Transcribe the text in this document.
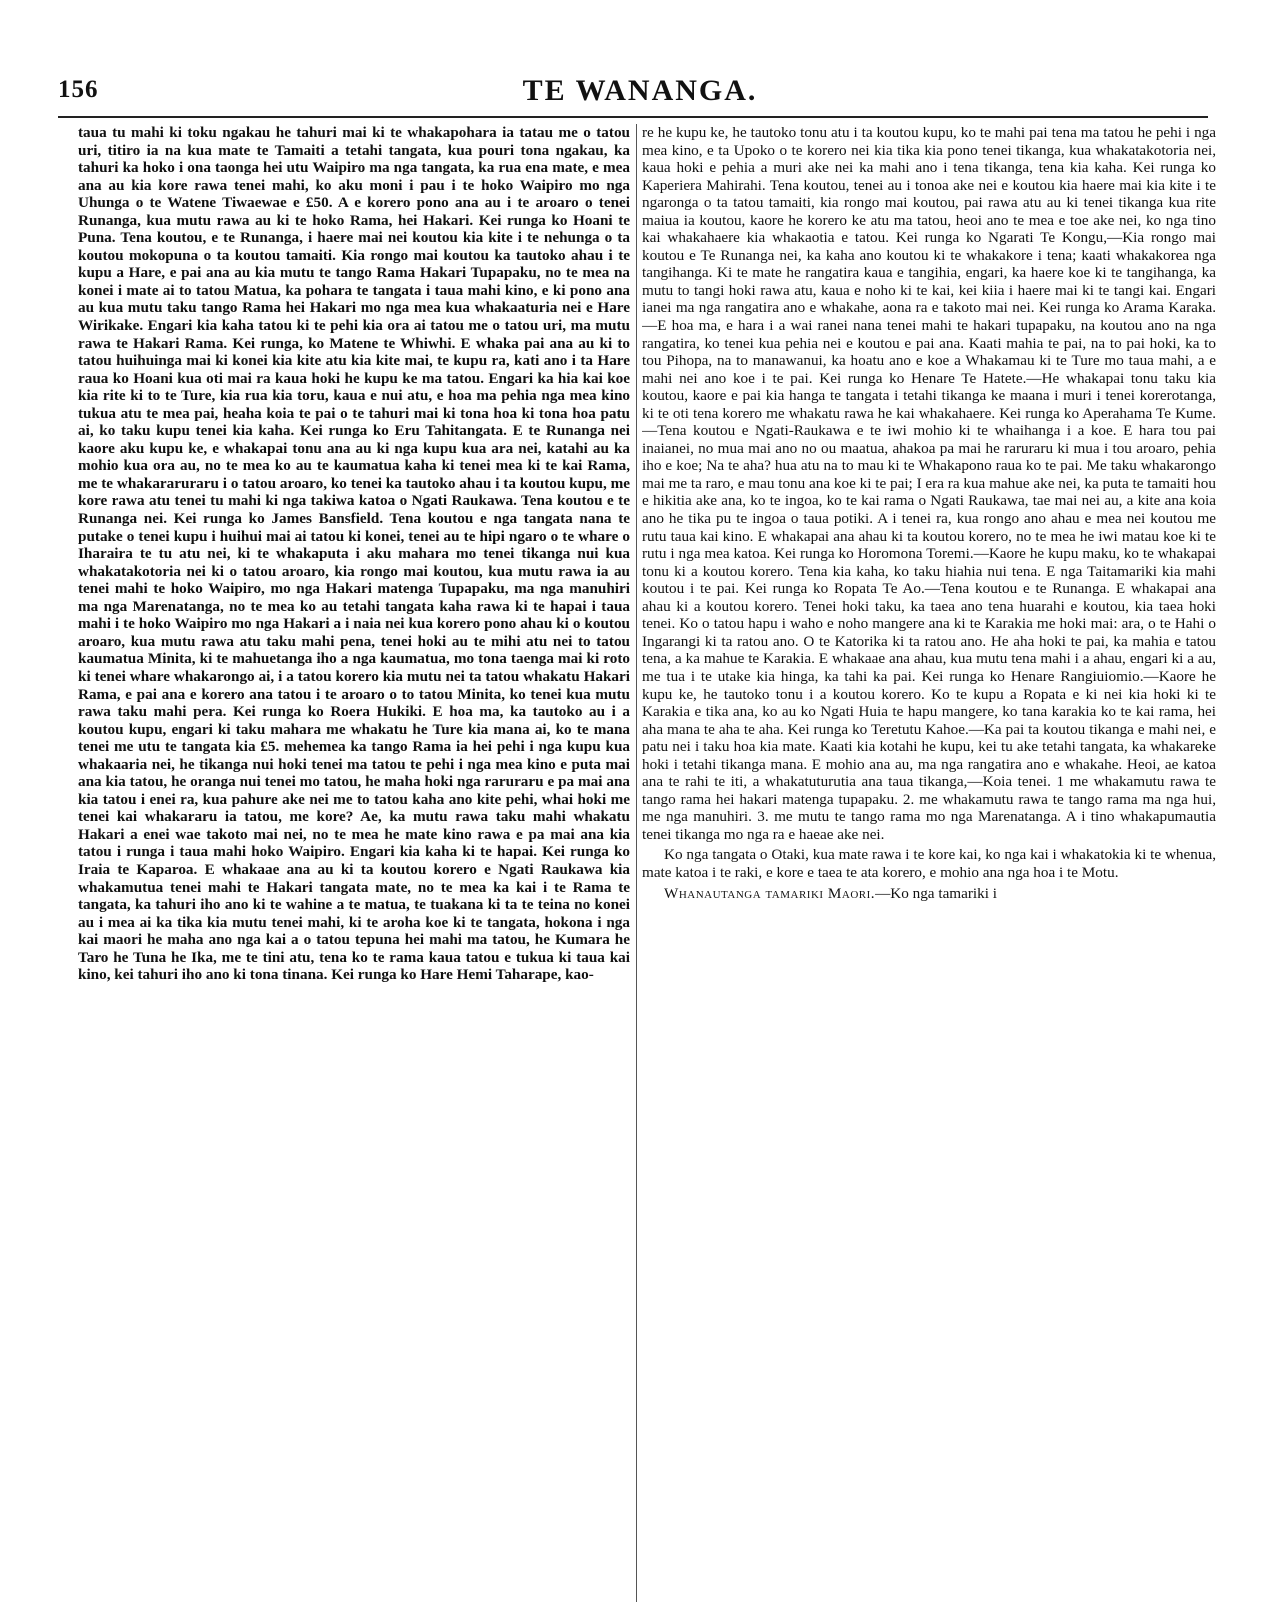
156	TE WANANGA.

taua tu mahi ki toku ngakau he tahuri mai ki te whakapohara ia tatau me o tatou uri, titiro ia na kua mate te Tamaiti a tetahi tangata, kua pouri tona ngakau, ka tahuri ka hoko i ona taonga hei utu Waipiro ma nga tangata, ka rua ena mate, e mea ana au kia kore rawa tenei mahi, ko aku moni i pau i te hoko Waipiro mo nga Uhunga o te Watene Tiwaewae e £50. A e korero pono ana au i te aroaro o tenei Runanga, kua mutu rawa au ki te hoko Rama, hei Hakari. Kei runga ko Hoani te Puna. Tena koutou, e te Runanga, i haere mai nei koutou kia kite i te nehunga o ta koutou mokopuna o ta koutou tamaiti. Kia rongo mai koutou ka tautoko ahau i te kupu a Hare, e pai ana au kia mutu te tango Rama Hakari Tupapaku, no te mea na konei i mate ai to tatou Matua, ka pohara te tangata i taua mahi kino, e ki pono ana au kua mutu taku tango Rama hei Hakari mo nga mea kua whakaaturia nei e Hare Wirikake. Engari kia kaha tatou ki te pehi kia ora ai tatou me o tatou uri, ma mutu rawa te Hakari Rama. Kei runga, ko Matene te Whiwhi. E whaka pai ana au ki to tatou huihuinga mai ki konei kia kite atu kia kite mai, te kupu ra, kati ano i ta Hare raua ko Hoani kua oti mai ra kaua hoki he kupu ke ma tatou. Engari ka hia kai koe kia rite ki to te Ture, kia rua kia toru, kaua e nui atu, e hoa ma pehia nga mea kino tukua atu te mea pai, heaha koia te pai o te tahuri mai ki tona hoa ki tona hoa patu ai, ko taku kupu tenei kia kaha. Kei runga ko Eru Tahitangata. E te Runanga nei kaore aku kupu ke, e whakapai tonu ana au ki nga kupu kua ara nei, katahi au ka mohio kua ora au, no te mea ko au te kaumatua kaha ki tenei mea ki te kai Rama, me te whakararuraru i o tatou aroaro, ko tenei ka tautoko ahau i ta koutou kupu, me kore rawa atu tenei tu mahi ki nga takiwa katoa o Ngati Raukawa. Tena koutou e te Runanga nei. Kei runga ko James Bansfield. Tena koutou e nga tangata nana te putake o tenei kupu i huihui mai ai tatou ki konei, tenei au te hipi ngaro o te whare o Iharaira te tu atu nei, ki te whakaputa i aku mahara mo tenei tikanga nui kua whakatakotoria nei ki o tatou aroaro, kia rongo mai koutou, kua mutu rawa ia au tenei mahi te hoko Waipiro, mo nga Hakari matenga Tupapaku, ma nga manuhiri ma nga Marenatanga, no te mea ko au tetahi tangata kaha rawa ki te hapai i taua mahi i te hoko Waipiro mo nga Hakari a i naia nei kua korero pono ahau ki o koutou aroaro, kua mutu rawa atu taku mahi pena, tenei hoki au te mihi atu nei to tatou kaumatua Minita, ki te mahuetanga iho a nga kaumatua, mo tona taenga mai ki roto ki tenei whare whakarongo ai, i a tatou korero kia mutu nei ta tatou whakatu Hakari Rama, e pai ana e korero ana tatou i te aroaro o to tatou Minita, ko tenei kua mutu rawa taku mahi pera. Kei runga ko Roera Hukiki. E hoa ma, ka tautoko au i a koutou kupu, engari ki taku mahara me whakatu he Ture kia mana ai, ko te mana tenei me utu te tangata kia £5. mehemea ka tango Rama ia hei pehi i nga kupu kua whakaaria nei, he tikanga nui hoki tenei ma tatou te pehi i nga mea kino e puta mai ana kia tatou, he oranga nui tenei mo tatou, he maha hoki nga raruraru e pa mai ana kia tatou i enei ra, kua pahure ake nei me to tatou kaha ano kite pehi, whai hoki me tenei kai whakararu ia tatou, me kore? Ae, ka mutu rawa taku mahi whakatu Hakari a enei wae takoto mai nei, no te mea he mate kino rawa e pa mai ana kia tatou i runga i taua mahi hoko Waipiro. Engari kia kaha ki te hapai. Kei runga ko Iraia te Kaparoa. E whakaae ana au ki ta koutou korero e Ngati Raukawa kia whakamutua tenei mahi te Hakari tangata mate, no te mea ka kai i te Rama te tangata, ka tahuri iho ano ki te wahine a te matua, te tuakana ki ta te teina no konei au i mea ai ka tika kia mutu tenei mahi, ki te aroha koe ki te tangata, hokona i nga kai maori he maha ano nga kai a o tatou tepuna hei mahi ma tatou, he Kumara he Taro he Tuna he Ika, me te tini atu, tena ko te rama kaua tatou e tukua ki taua kai kino, kei tahuri iho ano ki tona tinana. Kei runga ko Hare Hemi Taharape, kao-

re he kupu ke, he tautoko tonu atu i ta koutou kupu, ko te mahi pai tena ma tatou he pehi i nga mea kino, e ta Upoko o te korero nei kia tika kia pono tenei tikanga, kua whakatakotoria nei, kaua hoki e pehia a muri ake nei ka mahi ano i tena tikanga, tena kia kaha. Kei runga ko Kaperiera Mahirahi. Tena koutou, tenei au i tonoa ake nei e koutou kia haere mai kia kite i te ngaronga o ta tatou tamaiti, kia rongo mai koutou, pai rawa atu au ki tenei tikanga kua rite maiua ia koutou, kaore he korero ke atu ma tatou, heoi ano te mea e toe ake nei, ko nga tino kai whakahaere kia whakaotia e tatou. Kei runga ko Ngarati Te Kongu,—Kia rongo mai koutou e Te Runanga nei, ka kaha ano koutou ki te whakakore i tena; kaati whakakorea nga tangihanga. Ki te mate he rangatira kaua e tangihia, engari, ka haere koe ki te tangihanga, ka mutu to tangi hoki rawa atu, kaua e noho ki te kai, kei kiia i haere mai ki te tangi kai. Engari ianei ma nga rangatira ano e whakahe, aona ra e takoto mai nei. Kei runga ko Arama Karaka.—E hoa ma, e hara i a wai ranei nana tenei mahi te hakari tupapaku, na koutou ano na nga rangatira, ko tenei kua pehia nei e koutou e pai ana. Kaati mahia te pai, na to pai hoki, ka to tou Pihopa, na to manawanui, ka hoatu ano e koe a Whakamau ki te Ture mo taua mahi, a e mahi nei ano koe i te pai. Kei runga ko Henare Te Hatete.—He whakapai tonu taku kia koutou, kaore e pai kia hanga te tangata i tetahi tikanga ke maana i muri i tenei korerotanga, ki te oti tena korero me whakatu rawa he kai whakahaere. Kei runga ko Aperahama Te Kume.—Tena koutou e Ngati-Raukawa e te iwi mohio ki te whaihanga i a koe. E hara tou pai inaianei, no mua mai ano no ou maatua, ahakoa pa mai he raruraru ki mua i tou aroaro, pehia iho e koe; Na te aha? hua atu na to mau ki te Whakapono raua ko te pai. Me taku whakarongo mai me ta raro, e mau tonu ana koe ki te pai; I era ra kua mahue ake nei, ka puta te tamaiti hou e hikitia ake ana, ko te ingoa, ko te kai rama o Ngati Raukawa, tae mai nei au, a kite ana koia ano he tika pu te ingoa o taua potiki. A i tenei ra, kua rongo ano ahau e mea nei koutou me rutu taua kai kino. E whakapai ana ahau ki ta koutou korero, no te mea he iwi matau koe ki te rutu i nga mea katoa. Kei runga ko Horomona Toremi.—Kaore he kupu maku, ko te whakapai tonu ki a koutou korero. Tena kia kaha, ko taku hiahia nui tena. E nga Taitamariki kia mahi koutou i te pai. Kei runga ko Ropata Te Ao.—Tena koutou e te Runanga. E whakapai ana ahau ki a koutou korero. Tenei hoki taku, ka taea ano tena huarahi e koutou, kia taea hoki tenei. Ko o tatou hapu i waho e noho mangere ana ki te Karakia me hoki mai: ara, o te Hahi o Ingarangi ki ta ratou ano. O te Katorika ki ta ratou ano. He aha hoki te pai, ka mahia e tatou tena, a ka mahue te Karakia. E whakaae ana ahau, kua mutu tena mahi i a ahau, engari ki a au, me tua i te utake kia hinga, ka tahi ka pai. Kei runga ko Henare Rangiuiomio.—Kaore he kupu ke, he tautoko tonu i a koutou korero. Ko te kupu a Ropata e ki nei kia hoki ki te Karakia e tika ana, ko au ko Ngati Huia te hapu mangere, ko tana karakia ko te kai rama, hei aha mana te aha te aha. Kei runga ko Teretutu Kahoe.—Ka pai ta koutou tikanga e mahi nei, e patu nei i taku hoa kia mate. Kaati kia kotahi he kupu, kei tu ake tetahi tangata, ka whakareke hoki i tetahi tikanga mana. E mohio ana au, ma nga rangatira ano e whakahe. Heoi, ae katoa ana te rahi te iti, a whakatuturutia ana taua tikanga,—Koia tenei. 1 me whakamutu rawa te tango rama hei hakari matenga tupapaku. 2. me whakamutu rawa te tango rama ma nga hui, me nga manuhiri. 3. me mutu te tango rama mo nga Marenatanga. A i tino whakapumautia tenei tikanga mo nga ra e haeae ake nei.

Ko nga tangata o Otaki, kua mate rawa i te kore kai, ko nga kai i whakatokia ki te whenua, mate katoa i te raki, e kore e taea te ata korero, e mohio ana nga hoa i te Motu.

Whanautanga tamariki Maori.—Ko nga tamariki i
